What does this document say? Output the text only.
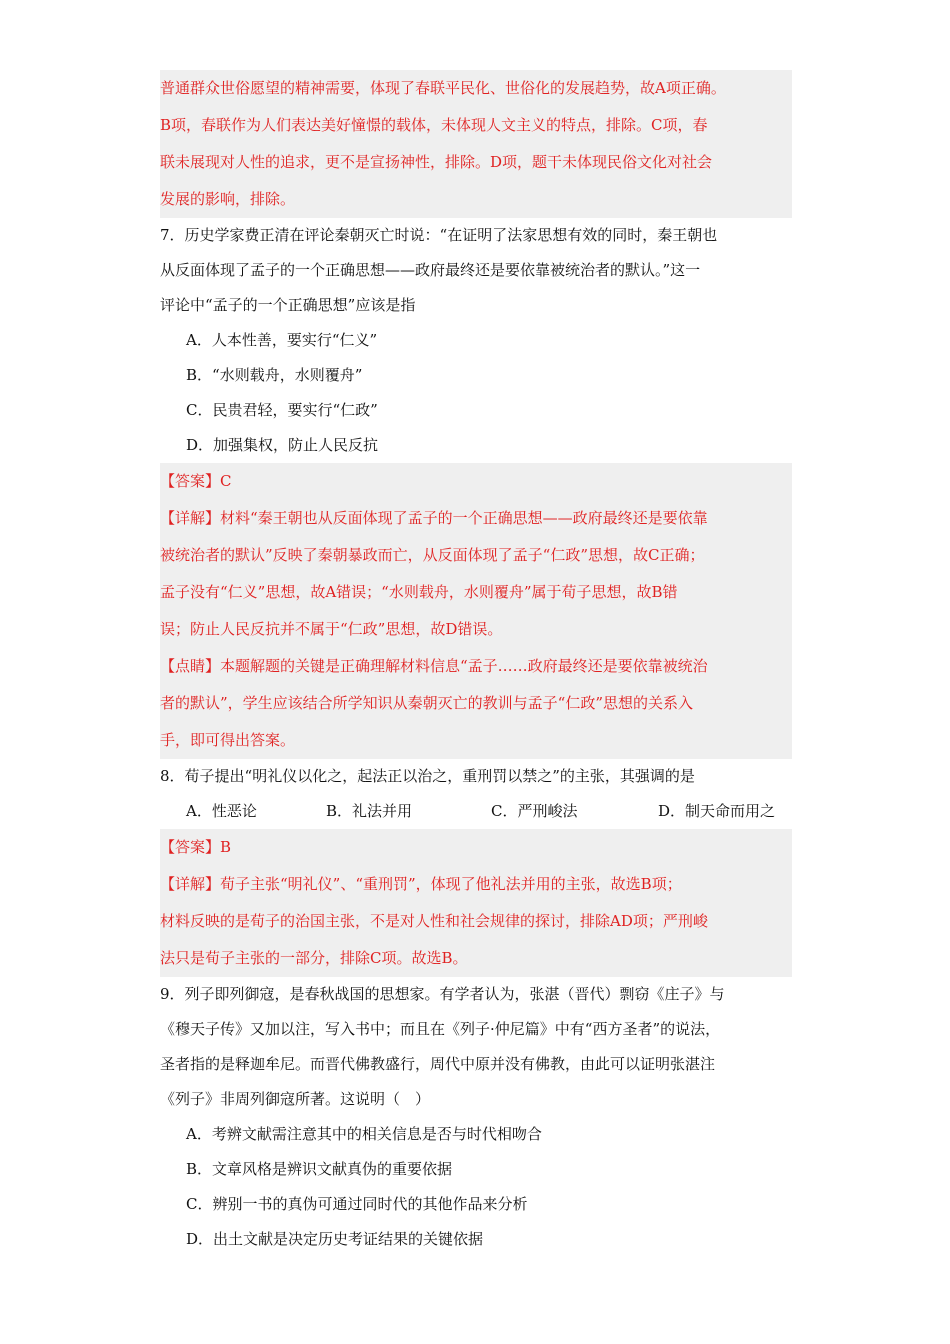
普通群众世俗愿望的精神需要，体现了春联平民化、世俗化的发展趋势，故A项正确。

B项，春联作为人们表达美好憧憬的载体，未体现人文主义的特点，排除。C项，春

联未展现对人性的追求，更不是宣扬神性，排除。D项，题干未体现民俗文化对社会

发展的影响，排除。

7．历史学家费正清在评论秦朝灭亡时说：“在证明了法家思想有效的同时，秦王朝也

从反面体现了孟子的一个正确思想——政府最终还是要依靠被统治者的默认。”这一

评论中“孟子的一个正确思想”应该是指

A．人本性善，要实行“仁义”

B．“水则载舟，水则覆舟”

C．民贵君轻，要实行“仁政”

D．加强集权，防止人民反抗

【答案】C

【详解】材料“秦王朝也从反面体现了孟子的一个正确思想——政府最终还是要依靠

被统治者的默认”反映了秦朝暴政而亡，从反面体现了孟子“仁政”思想，故C正确；

孟子没有“仁义”思想，故A错误；“水则载舟，水则覆舟”属于荀子思想，故B错

误；防止人民反抗并不属于“仁政”思想，故D错误。

【点睛】本题解题的关键是正确理解材料信息“孟子……政府最终还是要依靠被统治

者的默认”，学生应该结合所学知识从秦朝灭亡的教训与孟子“仁政”思想的关系入

手，即可得出答案。

8．荀子提出“明礼仪以化之，起法正以治之，重刑罚以禁之”的主张，其强调的是

A．性恶论	B．礼法并用	C．严刑峻法	D．制天命而用之

【答案】B

【详解】荀子主张“明礼仪”、“重刑罚”，体现了他礼法并用的主张，故选B项；

材料反映的是荀子的治国主张，不是对人性和社会规律的探讨，排除AD项；严刑峻

法只是荀子主张的一部分，排除C项。故选B。

9．列子即列御寇，是春秋战国的思想家。有学者认为，张湛（晋代）剽窃《庄子》与

《穆天子传》又加以注，写入书中；而且在《列子·仲尼篇》中有“西方圣者”的说法，

圣者指的是释迦牟尼。而晋代佛教盛行，周代中原并没有佛教，由此可以证明张湛注

《列子》非周列御寇所著。这说明（　）

A．考辨文献需注意其中的相关信息是否与时代相吻合

B．文章风格是辨识文献真伪的重要依据

C．辨别一书的真伪可通过同时代的其他作品来分析

D．出土文献是决定历史考证结果的关键依据
